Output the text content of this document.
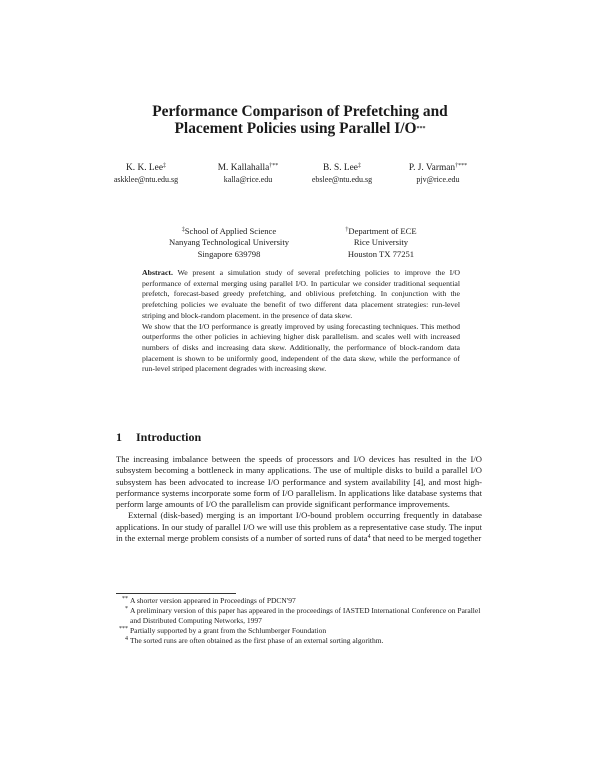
Performance Comparison of Prefetching and
Placement Policies using Parallel I/O***
K. K. Lee‡
askklee@ntu.edu.sg
M. Kallahalla†**
kalla@rice.edu
B. S. Lee‡
ebslee@ntu.edu.sg
P. J. Varman†***
pjv@rice.edu
‡School of Applied Science
Nanyang Technological University
Singapore 639798
†Department of ECE
Rice University
Houston TX 77251

Abstract. We present a simulation study of several prefetching policies to improve the I/O performance of external merging using parallel I/O. In particular we consider traditional sequential prefetch, forecast-based greedy prefetching, and oblivious prefetching. In conjunction with the prefetching policies we evaluate the benefit of two different data placement strategies: run-level striping and block-random placement. in the presence of data skew.

We show that the I/O performance is greatly improved by using forecasting techniques. This method outperforms the other policies in achieving higher disk parallelism. and scales well with increased numbers of disks and increasing data skew. Additionally, the performance of block-random data placement is shown to be uniformly good, independent of the data skew, while the performance of run-level striped placement degrades with increasing skew.

1 Introduction

The increasing imbalance between the speeds of processors and I/O devices has resulted in the I/O subsystem becoming a bottleneck in many applications. The use of multiple disks to build a parallel I/O subsystem has been advocated to increase I/O performance and system availability [4], and most high-performance systems incorporate some form of I/O parallelism. In applications like database systems that perform large amounts of I/O the parallelism can provide significant performance improvements.

External (disk-based) merging is an important I/O-bound problem occurring frequently in database applications. In our study of parallel I/O we will use this problem as a representative case study. The input in the external merge problem consists of a number of sorted runs of data$^4$ that need to be merged together

** A shorter version appeared in Proceedings of PDCN'97
* A preliminary version of this paper has appeared in the proceedings of IASTED International Conference on Parallel and Distributed Computing Networks, 1997
*** Partially supported by a grant from the Schlumberger Foundation
4 The sorted runs are often obtained as the first phase of an external sorting algorithm.
